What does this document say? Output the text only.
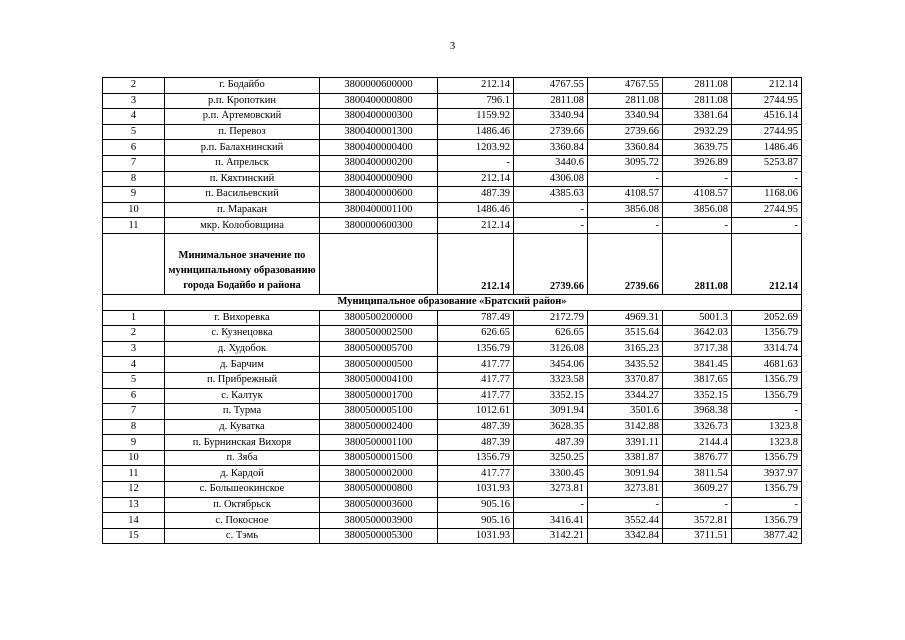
3
2	г. Бодайбо	3800000600000	212.14	4767.55	4767.55	2811.08	212.14
3	р.п. Кропоткин	3800400000800	796.1	2811.08	2811.08	2811.08	2744.95
4	р.п. Артемовский	3800400000300	1159.92	3340.94	3340.94	3381.64	4516.14
5	п. Перевоз	3800400001300	1486.46	2739.66	2739.66	2932.29	2744.95
6	р.п. Балахнинский	3800400000400	1203.92	3360.84	3360.84	3639.75	1486.46
7	п. Апрельск	3800400000200	-	3440.6	3095.72	3926.89	5253.87
8	п. Кяхтинский	3800400000900	212.14	4306.08	-	-	-
9	п. Васильевский	3800400000600	487.39	4385.63	4108.57	4108.57	1168.06
10	п. Маракан	3800400001100	1486.46	-	3856.08	3856.08	2744.95
11	мкр. Колобовщина	3800000600300	212.14	-	-	-	-
	Минимальное значение по муниципальному образованию города Бодайбо и района		212.14	2739.66	2739.66	2811.08	212.14
Муниципальное образование «Братский район»							
1	г. Вихоревка	3800500200000	787.49	2172.79	4969.31	5001.3	2052.69
2	с. Кузнецовка	3800500002500	626.65	626.65	3515.64	3642.03	1356.79
3	д. Худобок	3800500005700	1356.79	3126.08	3165.23	3717.38	3314.74
4	д. Барчим	3800500000500	417.77	3454.06	3435.52	3841.45	4681.63
5	п. Прибрежный	3800500004100	417.77	3323.58	3370.87	3817.65	1356.79
6	с. Калтук	3800500001700	417.77	3352.15	3344.27	3352.15	1356.79
7	п. Турма	3800500005100	1012.61	3091.94	3501.6	3968.38	-
8	д. Куватка	3800500002400	487.39	3628.35	3142.88	3326.73	1323.8
9	п. Бурнинская Вихоря	3800500001100	487.39	487.39	3391.11	2144.4	1323.8
10	п. Зяба	3800500001500	1356.79	3250.25	3381.87	3876.77	1356.79
11	д. Кардой	3800500002000	417.77	3300.45	3091.94	3811.54	3937.97
12	с. Большеокинское	3800500000800	1031.93	3273.81	3273.81	3609.27	1356.79
13	п. Октябрьск	3800500003600	905.16	-	-	-	-
14	с. Покосное	3800500003900	905.16	3416.41	3552.44	3572.81	1356.79
15	с. Тэмь	3800500005300	1031.93	3142.21	3342.84	3711.51	3877.42
